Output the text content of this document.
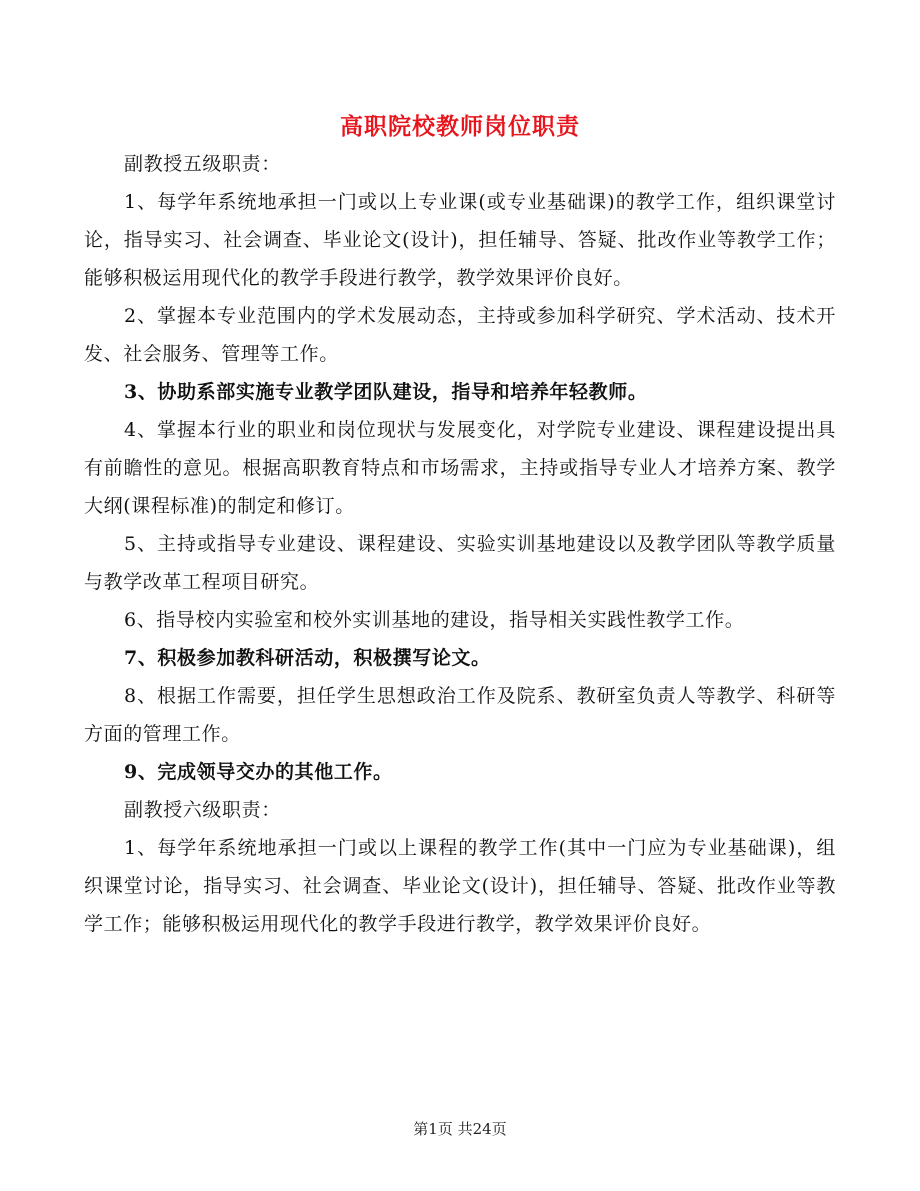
高职院校教师岗位职责

副教授五级职责：

1、每学年系统地承担一门或以上专业课(或专业基础课)的教学工作，组织课堂讨论，指导实习、社会调查、毕业论文(设计)，担任辅导、答疑、批改作业等教学工作；能够积极运用现代化的教学手段进行教学，教学效果评价良好。

2、掌握本专业范围内的学术发展动态，主持或参加科学研究、学术活动、技术开发、社会服务、管理等工作。

3、协助系部实施专业教学团队建设，指导和培养年轻教师。

4、掌握本行业的职业和岗位现状与发展变化，对学院专业建设、课程建设提出具有前瞻性的意见。根据高职教育特点和市场需求，主持或指导专业人才培养方案、教学大纲(课程标准)的制定和修订。

5、主持或指导专业建设、课程建设、实验实训基地建设以及教学团队等教学质量与教学改革工程项目研究。

6、指导校内实验室和校外实训基地的建设，指导相关实践性教学工作。

7、积极参加教科研活动，积极撰写论文。

8、根据工作需要，担任学生思想政治工作及院系、教研室负责人等教学、科研等方面的管理工作。

9、完成领导交办的其他工作。

副教授六级职责：

1、每学年系统地承担一门或以上课程的教学工作(其中一门应为专业基础课)，组织课堂讨论，指导实习、社会调查、毕业论文(设计)，担任辅导、答疑、批改作业等教学工作；能够积极运用现代化的教学手段进行教学，教学效果评价良好。

第1页 共24页
